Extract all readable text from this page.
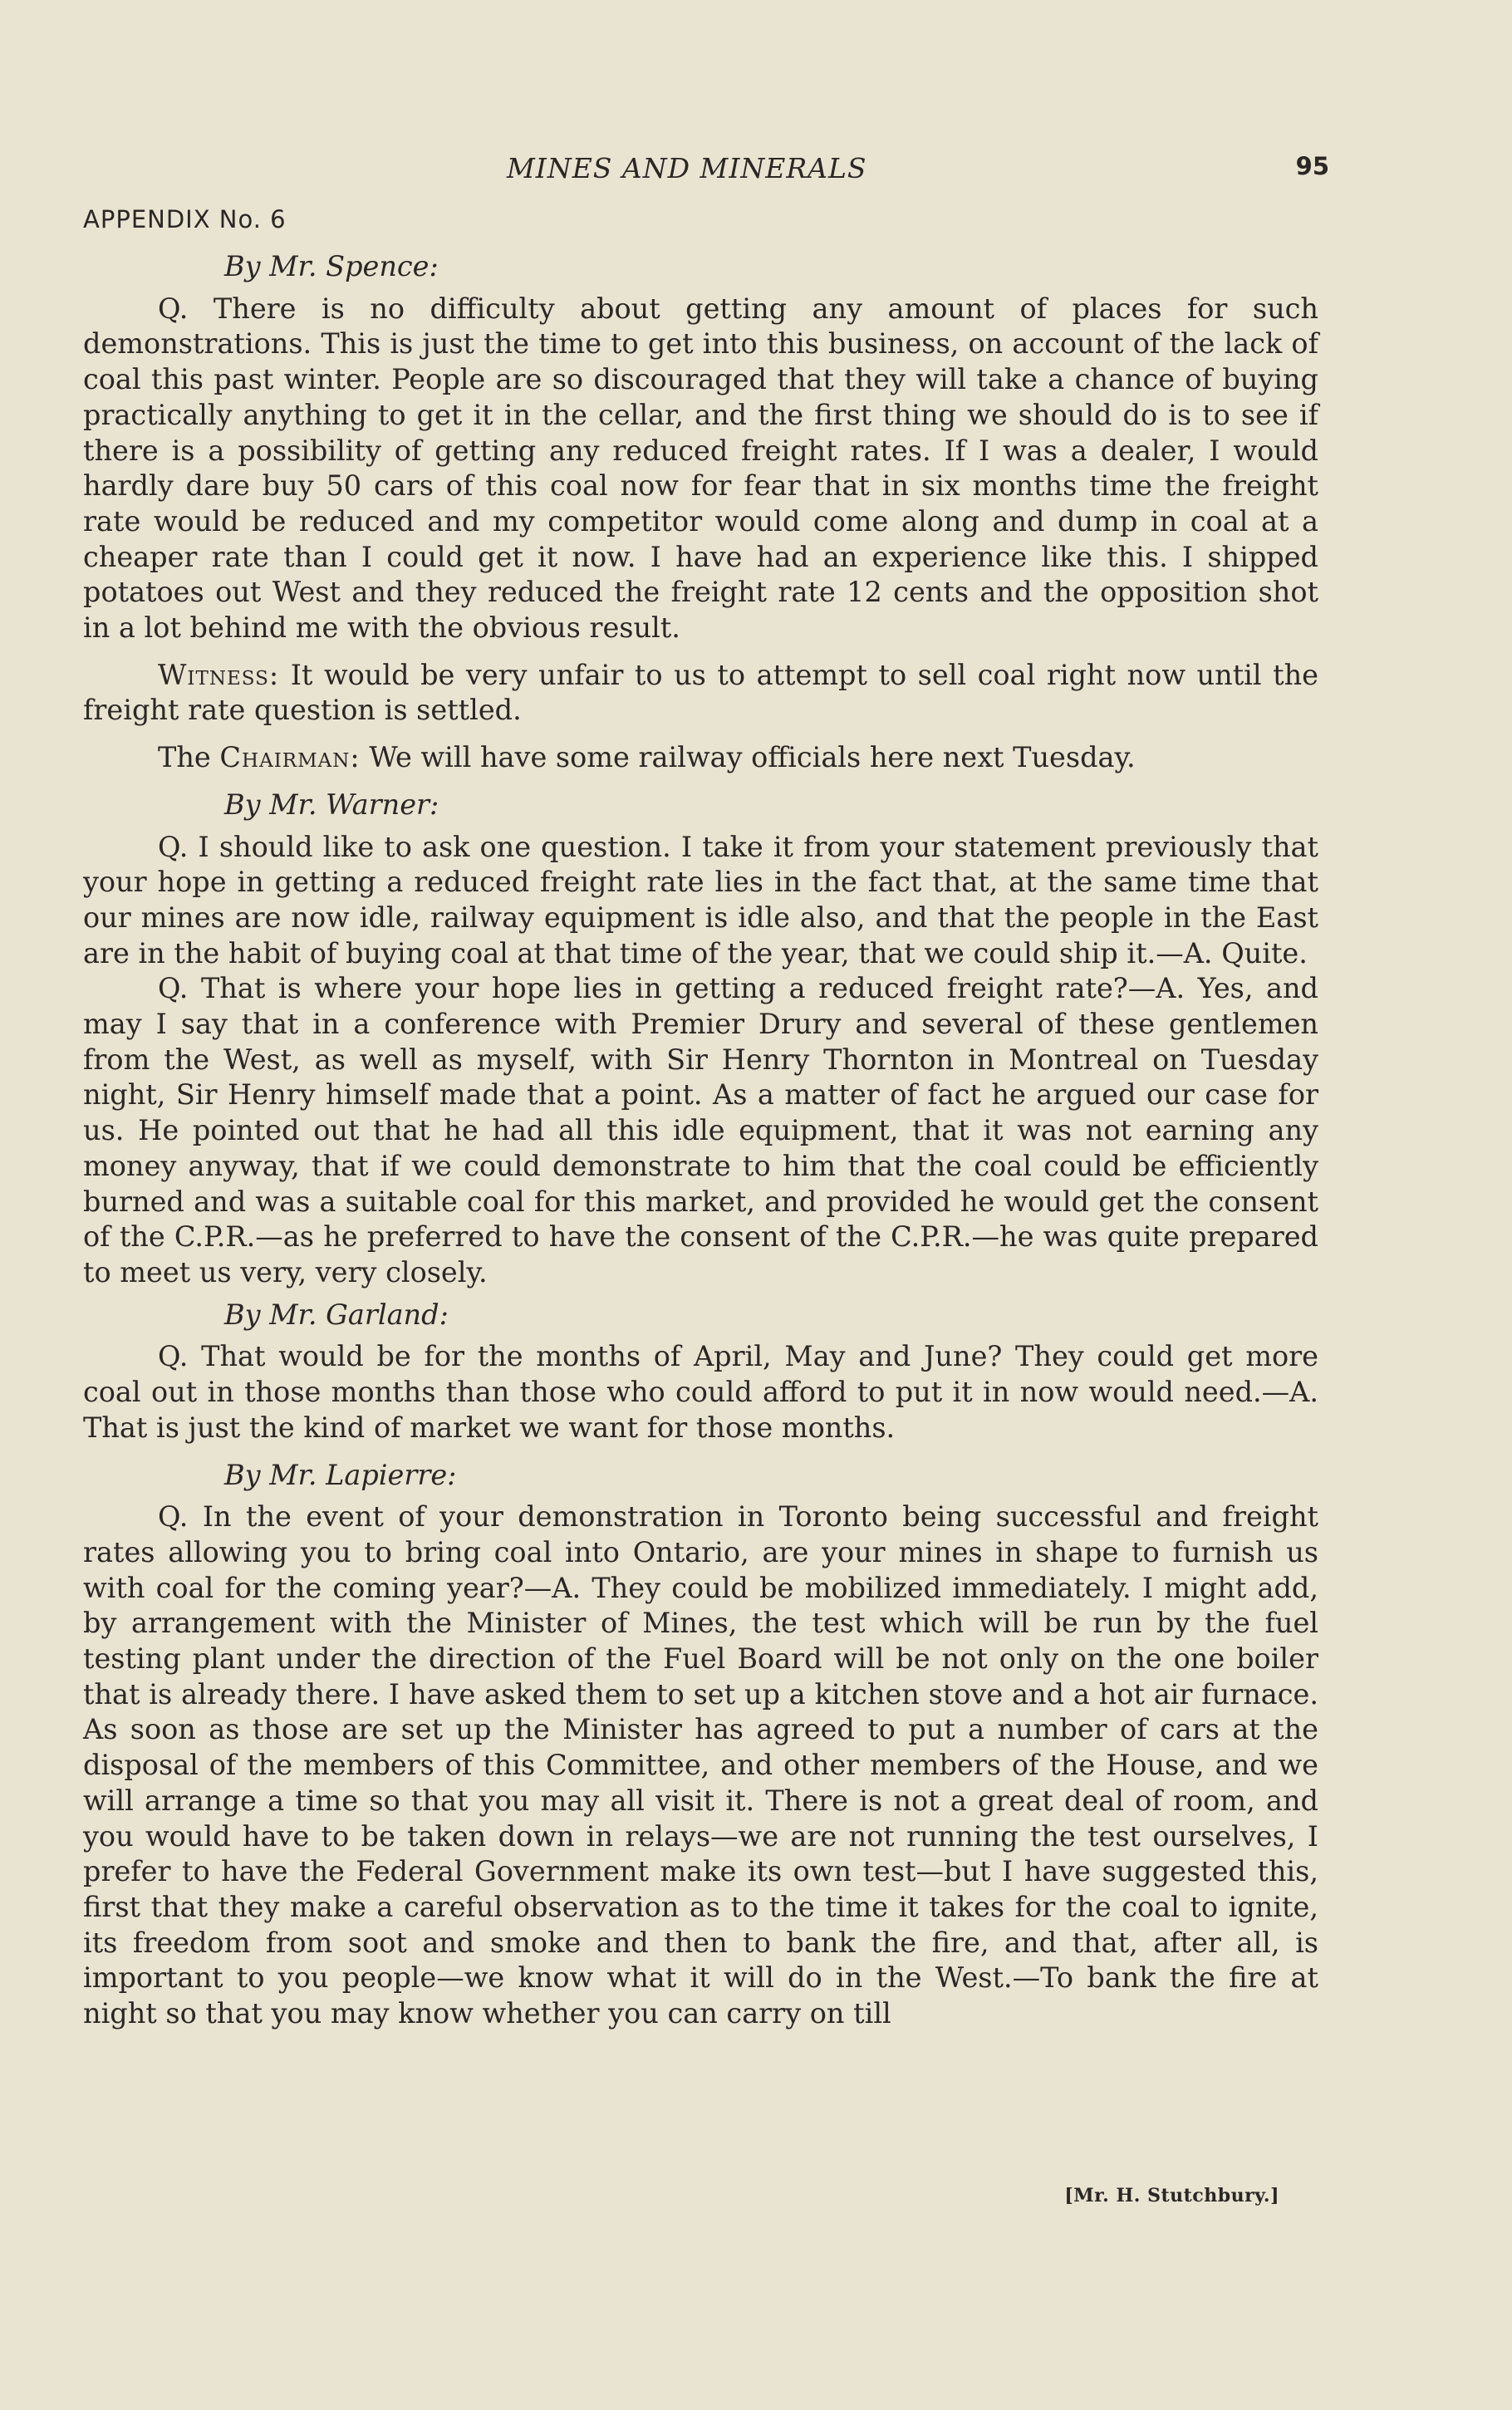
MINES AND MINERALS	95
APPENDIX No. 6
By Mr. Spence:

Q. There is no difficulty about getting any amount of places for such demonstrations. This is just the time to get into this business, on account of the lack of coal this past winter. People are so discouraged that they will take a chance of buying practically anything to get it in the cellar, and the first thing we should do is to see if there is a possibility of getting any reduced freight rates. If I was a dealer, I would hardly dare buy 50 cars of this coal now for fear that in six months time the freight rate would be reduced and my competitor would come along and dump in coal at a cheaper rate than I could get it now. I have had an experience like this. I shipped potatoes out West and they reduced the freight rate 12 cents and the opposition shot in a lot behind me with the obvious result.

Witness: It would be very unfair to us to attempt to sell coal right now until the freight rate question is settled.

The Chairman: We will have some railway officials here next Tuesday.

By Mr. Warner:

Q. I should like to ask one question. I take it from your statement previously that your hope in getting a reduced freight rate lies in the fact that, at the same time that our mines are now idle, railway equipment is idle also, and that the people in the East are in the habit of buying coal at that time of the year, that we could ship it.—A. Quite.

Q. That is where your hope lies in getting a reduced freight rate?—A. Yes, and may I say that in a conference with Premier Drury and several of these gentlemen from the West, as well as myself, with Sir Henry Thornton in Montreal on Tuesday night, Sir Henry himself made that a point. As a matter of fact he argued our case for us. He pointed out that he had all this idle equipment, that it was not earning any money anyway, that if we could demonstrate to him that the coal could be efficiently burned and was a suitable coal for this market, and provided he would get the consent of the C.P.R.—as he preferred to have the consent of the C.P.R.—he was quite prepared to meet us very, very closely.

By Mr. Garland:

Q. That would be for the months of April, May and June? They could get more coal out in those months than those who could afford to put it in now would need.—A. That is just the kind of market we want for those months.

By Mr. Lapierre:

Q. In the event of your demonstration in Toronto being successful and freight rates allowing you to bring coal into Ontario, are your mines in shape to furnish us with coal for the coming year?—A. They could be mobilized immediately. I might add, by arrangement with the Minister of Mines, the test which will be run by the fuel testing plant under the direction of the Fuel Board will be not only on the one boiler that is already there. I have asked them to set up a kitchen stove and a hot air furnace. As soon as those are set up the Minister has agreed to put a number of cars at the disposal of the members of this Committee, and other members of the House, and we will arrange a time so that you may all visit it. There is not a great deal of room, and you would have to be taken down in relays—we are not running the test ourselves, I prefer to have the Federal Government make its own test—but I have suggested this, first that they make a careful observation as to the time it takes for the coal to ignite, its freedom from soot and smoke and then to bank the fire, and that, after all, is important to you people—we know what it will do in the West.—To bank the fire at night so that you may know whether you can carry on till

[Mr. H. Stutchbury.]
